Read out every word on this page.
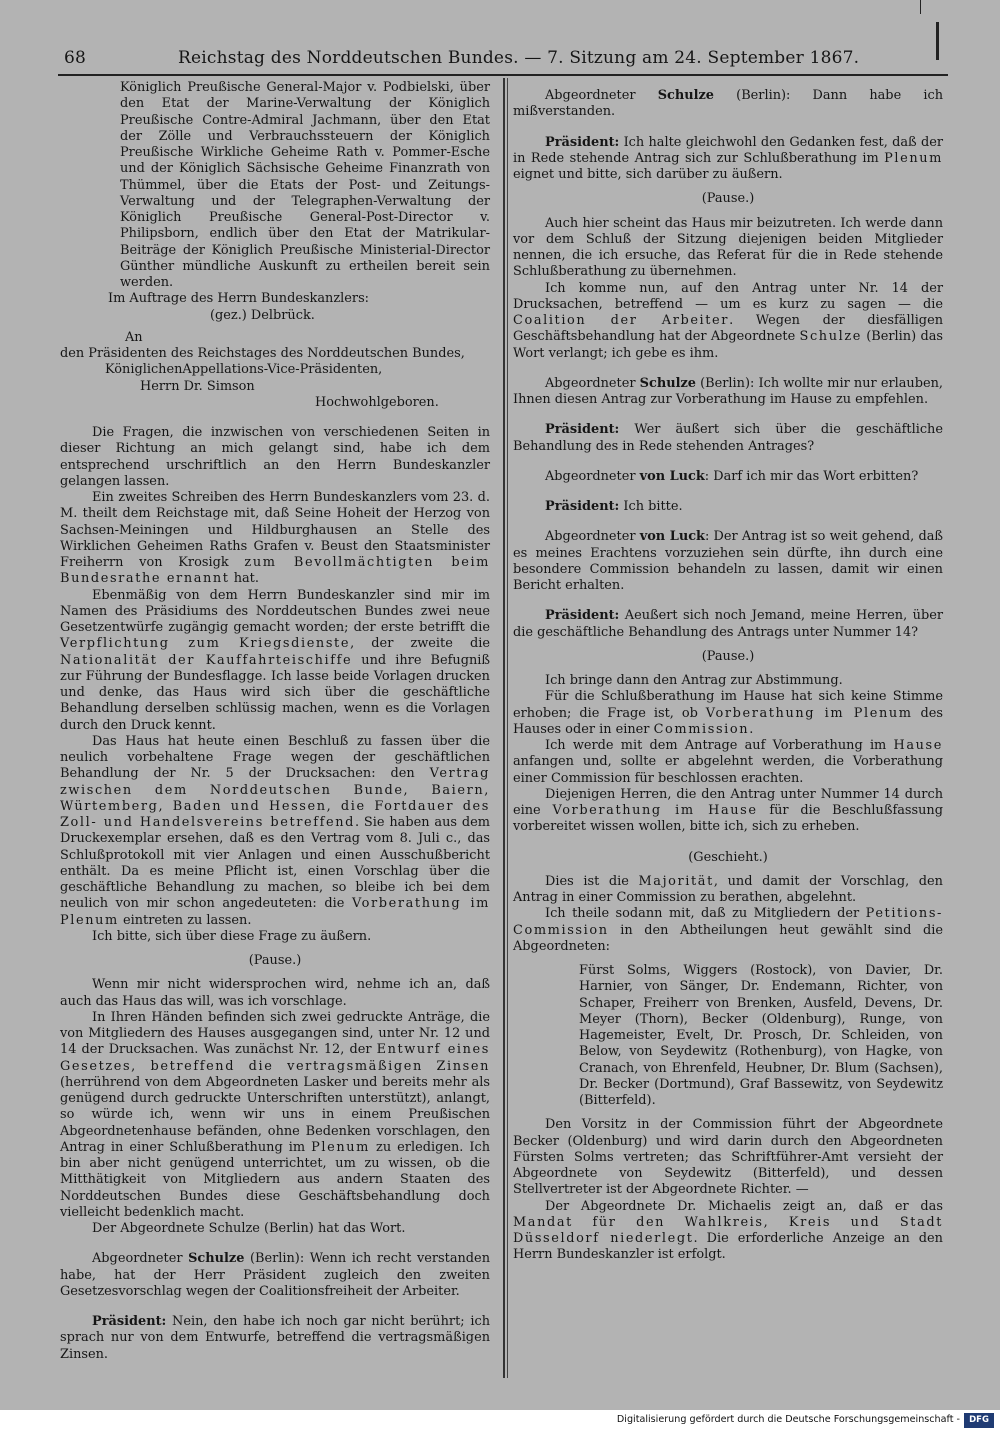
68	Reichstag des Norddeutschen Bundes. — 7. Sitzung am 24. September 1867.

Königlich Preußische General-Major v. Podbielski, über den Etat der Marine-Verwaltung der Königlich Preußische Contre-Admiral Jachmann, über den Etat der Zölle und Verbrauchssteuern der Königlich Preußische Wirkliche Geheime Rath v. Pommer-Esche und der Königlich Sächsische Geheime Finanzrath von Thümmel, über die Etats der Post- und Zeitungs-Verwaltung und der Telegraphen-Verwaltung der Königlich Preußische General-Post-Director v. Philipsborn, endlich über den Etat der Matrikular-Beiträge der Königlich Preußische Ministerial-Director Günther mündliche Auskunft zu ertheilen bereit sein werden.

Im Auftrage des Herrn Bundeskanzlers:

(gez.) Delbrück.

An

den Präsidenten des Reichstages des Norddeutschen Bundes,

KöniglichenAppellations-Vice-Präsidenten,

Herrn Dr. Simson

Hochwohlgeboren.

Die Fragen, die inzwischen von verschiedenen Seiten in dieser Richtung an mich gelangt sind, habe ich dem entsprechend urschriftlich an den Herrn Bundeskanzler gelangen lassen.

Ein zweites Schreiben des Herrn Bundeskanzlers vom 23. d. M. theilt dem Reichstage mit, daß Seine Hoheit der Herzog von Sachsen-Meiningen und Hildburghausen an Stelle des Wirklichen Geheimen Raths Grafen v. Beust den Staatsminister Freiherrn von Krosigk zum Bevollmächtigten beim Bundesrathe ernannt hat.

Ebenmäßig von dem Herrn Bundeskanzler sind mir im Namen des Präsidiums des Norddeutschen Bundes zwei neue Gesetzentwürfe zugängig gemacht worden; der erste betrifft die Verpflichtung zum Kriegsdienste, der zweite die Nationalität der Kauffahrteischiffe und ihre Befugniß zur Führung der Bundesflagge. Ich lasse beide Vorlagen drucken und denke, das Haus wird sich über die geschäftliche Behandlung derselben schlüssig machen, wenn es die Vorlagen durch den Druck kennt.

Das Haus hat heute einen Beschluß zu fassen über die neulich vorbehaltene Frage wegen der geschäftlichen Behandlung der Nr. 5 der Drucksachen: den Vertrag zwischen dem Norddeutschen Bunde, Baiern, Würtemberg, Baden und Hessen, die Fortdauer des Zoll- und Handelsvereins betreffend. Sie haben aus dem Druckexemplar ersehen, daß es den Vertrag vom 8. Juli c., das Schlußprotokoll mit vier Anlagen und einen Ausschußbericht enthält. Da es meine Pflicht ist, einen Vorschlag über die geschäftliche Behandlung zu machen, so bleibe ich bei dem neulich von mir schon angedeuteten: die Vorberathung im Plenum eintreten zu lassen.

Ich bitte, sich über diese Frage zu äußern.

(Pause.)

Wenn mir nicht widersprochen wird, nehme ich an, daß auch das Haus das will, was ich vorschlage.

In Ihren Händen befinden sich zwei gedruckte Anträge, die von Mitgliedern des Hauses ausgegangen sind, unter Nr. 12 und 14 der Drucksachen. Was zunächst Nr. 12, der Entwurf eines Gesetzes, betreffend die vertragsmäßigen Zinsen (herrührend von dem Abgeordneten Lasker und bereits mehr als genügend durch gedruckte Unterschriften unterstützt), anlangt, so würde ich, wenn wir uns in einem Preußischen Abgeordnetenhause befänden, ohne Bedenken vorschlagen, den Antrag in einer Schlußberathung im Plenum zu erledigen. Ich bin aber nicht genügend unterrichtet, um zu wissen, ob die Mitthätigkeit von Mitgliedern aus andern Staaten des Norddeutschen Bundes diese Geschäftsbehandlung doch vielleicht bedenklich macht.

Der Abgeordnete Schulze (Berlin) hat das Wort.

Abgeordneter Schulze (Berlin): Wenn ich recht verstanden habe, hat der Herr Präsident zugleich den zweiten Gesetzesvorschlag wegen der Coalitionsfreiheit der Arbeiter.

Präsident: Nein, den habe ich noch gar nicht berührt; ich sprach nur von dem Entwurfe, betreffend die vertragsmäßigen Zinsen.

Abgeordneter Schulze (Berlin): Dann habe ich mißverstanden.

Präsident: Ich halte gleichwohl den Gedanken fest, daß der in Rede stehende Antrag sich zur Schlußberathung im Plenum eignet und bitte, sich darüber zu äußern.

(Pause.)

Auch hier scheint das Haus mir beizutreten. Ich werde dann vor dem Schluß der Sitzung diejenigen beiden Mitglieder nennen, die ich ersuche, das Referat für die in Rede stehende Schlußberathung zu übernehmen.

Ich komme nun, auf den Antrag unter Nr. 14 der Drucksachen, betreffend — um es kurz zu sagen — die Coalition der Arbeiter. Wegen der diesfälligen Geschäftsbehandlung hat der Abgeordnete Schulze (Berlin) das Wort verlangt; ich gebe es ihm.

Abgeordneter Schulze (Berlin): Ich wollte mir nur erlauben, Ihnen diesen Antrag zur Vorberathung im Hause zu empfehlen.

Präsident: Wer äußert sich über die geschäftliche Behandlung des in Rede stehenden Antrages?

Abgeordneter von Luck: Darf ich mir das Wort erbitten?

Präsident: Ich bitte.

Abgeordneter von Luck: Der Antrag ist so weit gehend, daß es meines Erachtens vorzuziehen sein dürfte, ihn durch eine besondere Commission behandeln zu lassen, damit wir einen Bericht erhalten.

Präsident: Aeußert sich noch Jemand, meine Herren, über die geschäftliche Behandlung des Antrags unter Nummer 14?

(Pause.)

Ich bringe dann den Antrag zur Abstimmung.

Für die Schlußberathung im Hause hat sich keine Stimme erhoben; die Frage ist, ob Vorberathung im Plenum des Hauses oder in einer Commission.

Ich werde mit dem Antrage auf Vorberathung im Hause anfangen und, sollte er abgelehnt werden, die Vorberathung einer Commission für beschlossen erachten.

Diejenigen Herren, die den Antrag unter Nummer 14 durch eine Vorberathung im Hause für die Beschlußfassung vorbereitet wissen wollen, bitte ich, sich zu erheben.

(Geschieht.)

Dies ist die Majorität, und damit der Vorschlag, den Antrag in einer Commission zu berathen, abgelehnt.

Ich theile sodann mit, daß zu Mitgliedern der Petitions-Commission in den Abtheilungen heut gewählt sind die Abgeordneten:

Fürst Solms, Wiggers (Rostock), von Davier, Dr. Harnier, von Sänger, Dr. Endemann, Richter, von Schaper, Freiherr von Brenken, Ausfeld, Devens, Dr. Meyer (Thorn), Becker (Oldenburg), Runge, von Hagemeister, Evelt, Dr. Prosch, Dr. Schleiden, von Below, von Seydewitz (Rothenburg), von Hagke, von Cranach, von Ehrenfeld, Heubner, Dr. Blum (Sachsen), Dr. Becker (Dortmund), Graf Bassewitz, von Seydewitz (Bitterfeld).

Den Vorsitz in der Commission führt der Abgeordnete Becker (Oldenburg) und wird darin durch den Abgeordneten Fürsten Solms vertreten; das Schriftführer-Amt versieht der Abgeordnete von Seydewitz (Bitterfeld), und dessen Stellvertreter ist der Abgeordnete Richter. —

Der Abgeordnete Dr. Michaelis zeigt an, daß er das Mandat für den Wahlkreis, Kreis und Stadt Düsseldorf niederlegt. Die erforderliche Anzeige an den Herrn Bundeskanzler ist erfolgt.

Digitalisierung gefördert durch die Deutsche Forschungsgemeinschaft -	DFG
